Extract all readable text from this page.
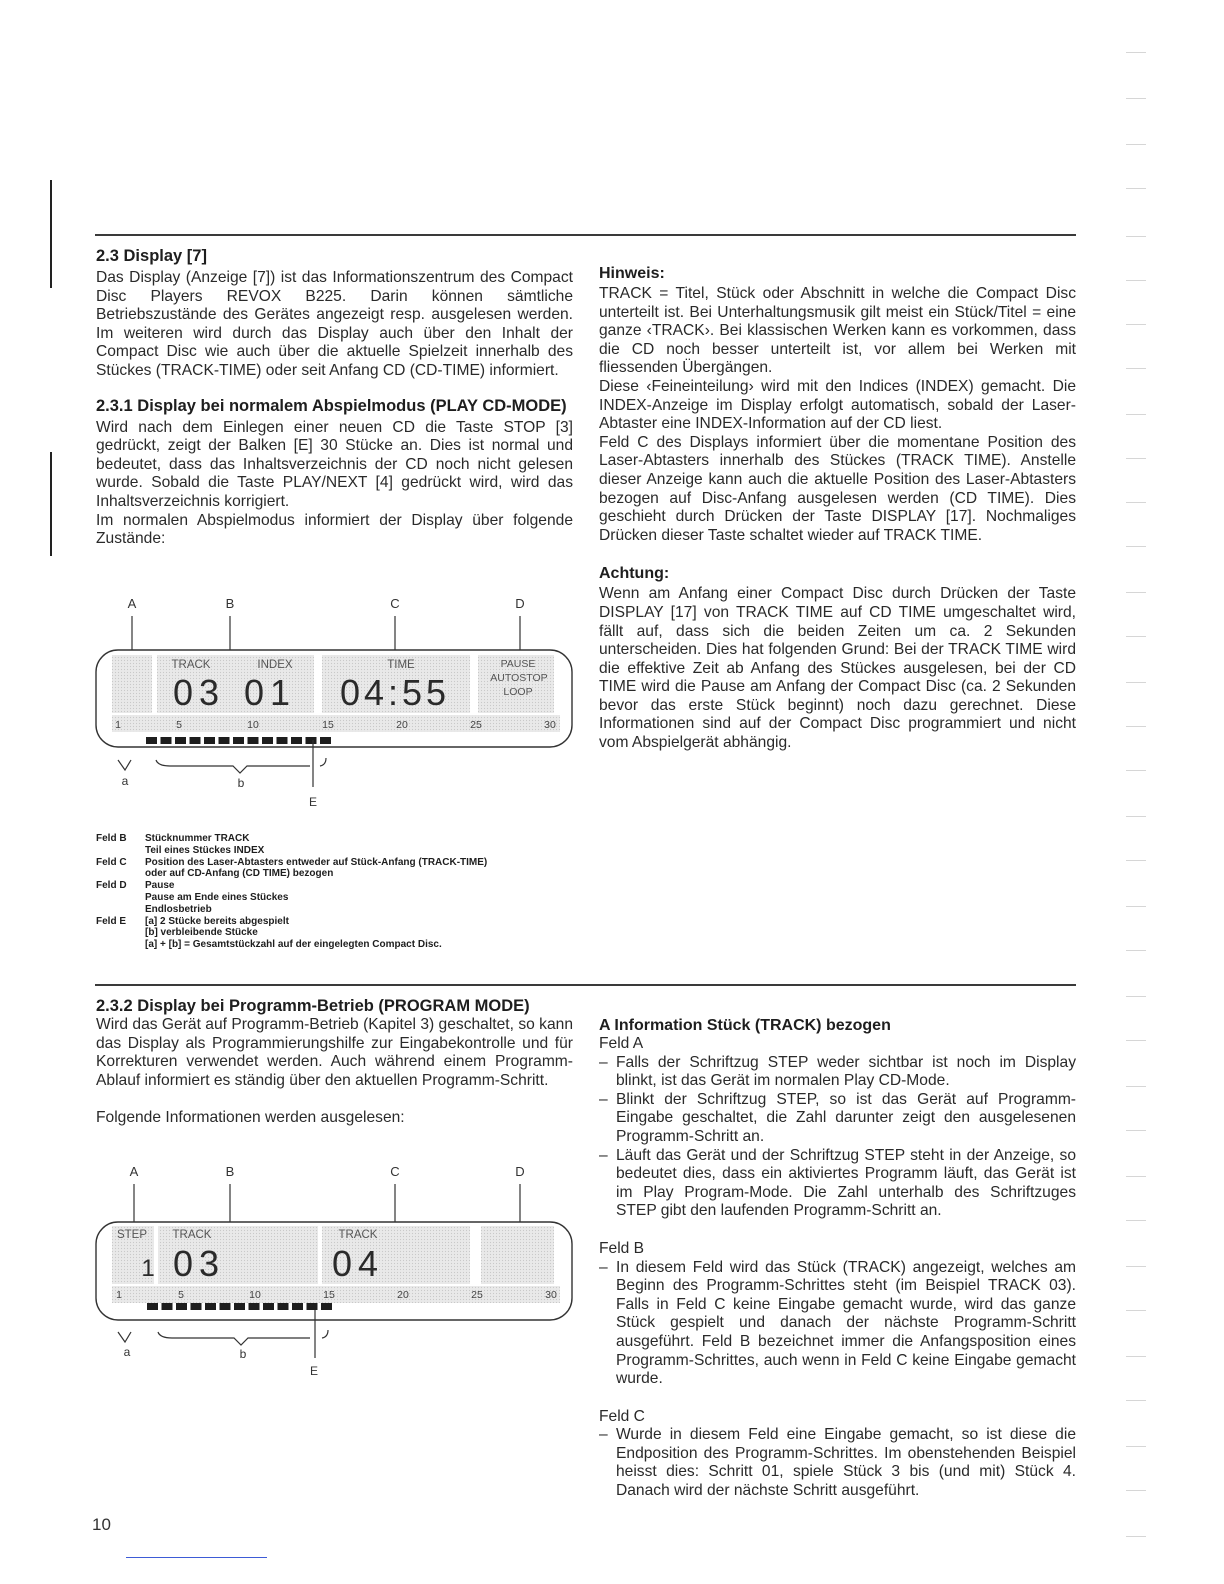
2.3 Display [7]

Das Display (Anzeige [7]) ist das Informationszentrum des Compact Disc Players REVOX B225. Darin können sämtliche Betriebszustände des Gerätes angezeigt resp. ausgelesen werden. Im weiteren wird durch das Display auch über den Inhalt der Compact Disc wie auch über die aktuelle Spielzeit innerhalb des Stückes (TRACK-TIME) oder seit Anfang CD (CD-TIME) informiert.

2.3.1 Display bei normalem Abspielmodus (PLAY CD-MODE)

Wird nach dem Einlegen einer neuen CD die Taste STOP [3] gedrückt, zeigt der Balken [E] 30 Stücke an. Dies ist normal und bedeutet, dass das Inhaltsverzeichnis der CD noch nicht gelesen wurde. Sobald die Taste PLAY/NEXT [4] gedrückt wird, wird das Inhaltsverzeichnis korrigiert.

Im normalen Abspielmodus informiert der Display über folgende Zustände:

A	B	C	D
TRACK	INDEX	TIME	PAUSE
AUTOSTOP
LOOP
03 01 04:55
1	5	10	15	20	25	30
a	b
E
Feld B	Stücknummer TRACK
Teil eines Stückes INDEX
Feld C	Position des Laser-Abtasters entweder auf Stück-Anfang (TRACK-TIME)
oder auf CD-Anfang (CD TIME) bezogen
Feld D	Pause
Pause am Ende eines Stückes
Endlosbetrieb
Feld E	[a] 2 Stücke bereits abgespielt
[b] verbleibende Stücke
[a] + [b] = Gesamtstückzahl auf der eingelegten Compact Disc.
Hinweis:

TRACK = Titel, Stück oder Abschnitt in welche die Compact Disc unterteilt ist. Bei Unterhaltungsmusik gilt meist ein Stück/Titel = eine ganze ‹TRACK›. Bei klassischen Werken kann es vorkommen, dass die CD noch besser unterteilt ist, vor allem bei Werken mit fliessenden Übergängen.

Diese ‹Feineinteilung› wird mit den Indices (INDEX) gemacht. Die INDEX-Anzeige im Display erfolgt automatisch, sobald der Laser-Abtaster eine INDEX-Information auf der CD liest.

Feld C des Displays informiert über die momentane Position des Laser-Abtasters innerhalb des Stückes (TRACK TIME). Anstelle dieser Anzeige kann auch die aktuelle Position des Laser-Abtasters bezogen auf Disc-Anfang ausgelesen werden (CD TIME). Dies geschieht durch Drücken der Taste DISPLAY [17]. Nochmaliges Drücken dieser Taste schaltet wieder auf TRACK TIME.

Achtung:

Wenn am Anfang einer Compact Disc durch Drücken der Taste DISPLAY [17] von TRACK TIME auf CD TIME umgeschaltet wird, fällt auf, dass sich die beiden Zeiten um ca. 2 Sekunden unterscheiden. Dies hat folgenden Grund: Bei der TRACK TIME wird die effektive Zeit ab Anfang des Stückes ausgelesen, bei der CD TIME wird die Pause am Anfang der Compact Disc (ca. 2 Sekunden bevor das erste Stück beginnt) noch dazu gerechnet. Diese Informationen sind auf der Compact Disc programmiert und nicht vom Abspielgerät abhängig.

2.3.2 Display bei Programm-Betrieb (PROGRAM MODE)

Wird das Gerät auf Programm-Betrieb (Kapitel 3) geschaltet, so kann das Display als Programmierungshilfe zur Eingabekontrolle und für Korrekturen verwendet werden. Auch während einem Programm-Ablauf informiert es ständig über den aktuellen Programm-Schritt.

Folgende Informationen werden ausgelesen:

A	B	C	D
STEP TRACK	TRACK
1 03	04
1	5	10	15	20	25	30
a	b
E
A Information Stück (TRACK) bezogen
Feld A
– Falls der Schriftzug STEP weder sichtbar ist noch im Display blinkt, ist das Gerät im normalen Play CD-Mode.
– Blinkt der Schriftzug STEP, so ist das Gerät auf Programm-Eingabe geschaltet, die Zahl darunter zeigt den ausgelesenen Programm-Schritt an.
– Läuft das Gerät und der Schriftzug STEP steht in der Anzeige, so bedeutet dies, dass ein aktiviertes Programm läuft, das Gerät ist im Play Program-Mode. Die Zahl unterhalb des Schriftzuges STEP gibt den laufenden Programm-Schritt an.
Feld B
– In diesem Feld wird das Stück (TRACK) angezeigt, welches am Beginn des Programm-Schrittes steht (im Beispiel TRACK 03). Falls in Feld C keine Eingabe gemacht wurde, wird das ganze Stück gespielt und danach der nächste Programm-Schritt ausgeführt. Feld B bezeichnet immer die Anfangsposition eines Programm-Schrittes, auch wenn in Feld C keine Eingabe gemacht wurde.
Feld C
– Wurde in diesem Feld eine Eingabe gemacht, so ist diese die Endposition des Programm-Schrittes. Im obenstehenden Beispiel heisst dies: Schritt 01, spiele Stück 3 bis (und mit) Stück 4. Danach wird der nächste Schritt ausgeführt.
10
